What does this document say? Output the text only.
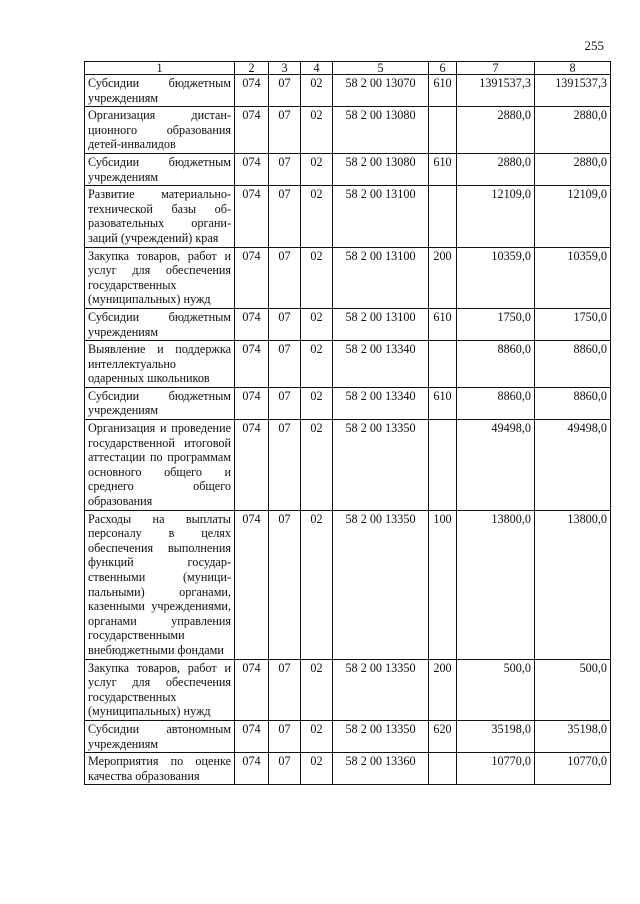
255
1	2	3	4	5	6	7	8
Субсидии бюджетным учреждениям	074	07	02	58 2 00 13070	610	1391537,3	1391537,3
Организация дистанционного образования детей-инвалидов	074	07	02	58 2 00 13080		2880,0	2880,0
Субсидии бюджетным учреждениям	074	07	02	58 2 00 13080	610	2880,0	2880,0
Развитие материально-технической базы образовательных организаций (учреждений) края	074	07	02	58 2 00 13100		12109,0	12109,0
Закупка товаров, работ и услуг для обеспечения государственных (муниципальных) нужд	074	07	02	58 2 00 13100	200	10359,0	10359,0
Субсидии бюджетным учреждениям	074	07	02	58 2 00 13100	610	1750,0	1750,0
Выявление и поддержка интеллектуально одаренных школьников	074	07	02	58 2 00 13340		8860,0	8860,0
Субсидии бюджетным учреждениям	074	07	02	58 2 00 13340	610	8860,0	8860,0
Организация и проведение государственной итоговой аттестации по программам основного общего и среднего общего образования	074	07	02	58 2 00 13350		49498,0	49498,0
Расходы на выплаты персоналу в целях обеспечения выполнения функций государственными (муниципальными) органами, казенными учреждениями, органами управления государственными внебюджетными фондами	074	07	02	58 2 00 13350	100	13800,0	13800,0
Закупка товаров, работ и услуг для обеспечения государственных (муниципальных) нужд	074	07	02	58 2 00 13350	200	500,0	500,0
Субсидии автономным учреждениям	074	07	02	58 2 00 13350	620	35198,0	35198,0
Мероприятия по оценке качества образования	074	07	02	58 2 00 13360		10770,0	10770,0
